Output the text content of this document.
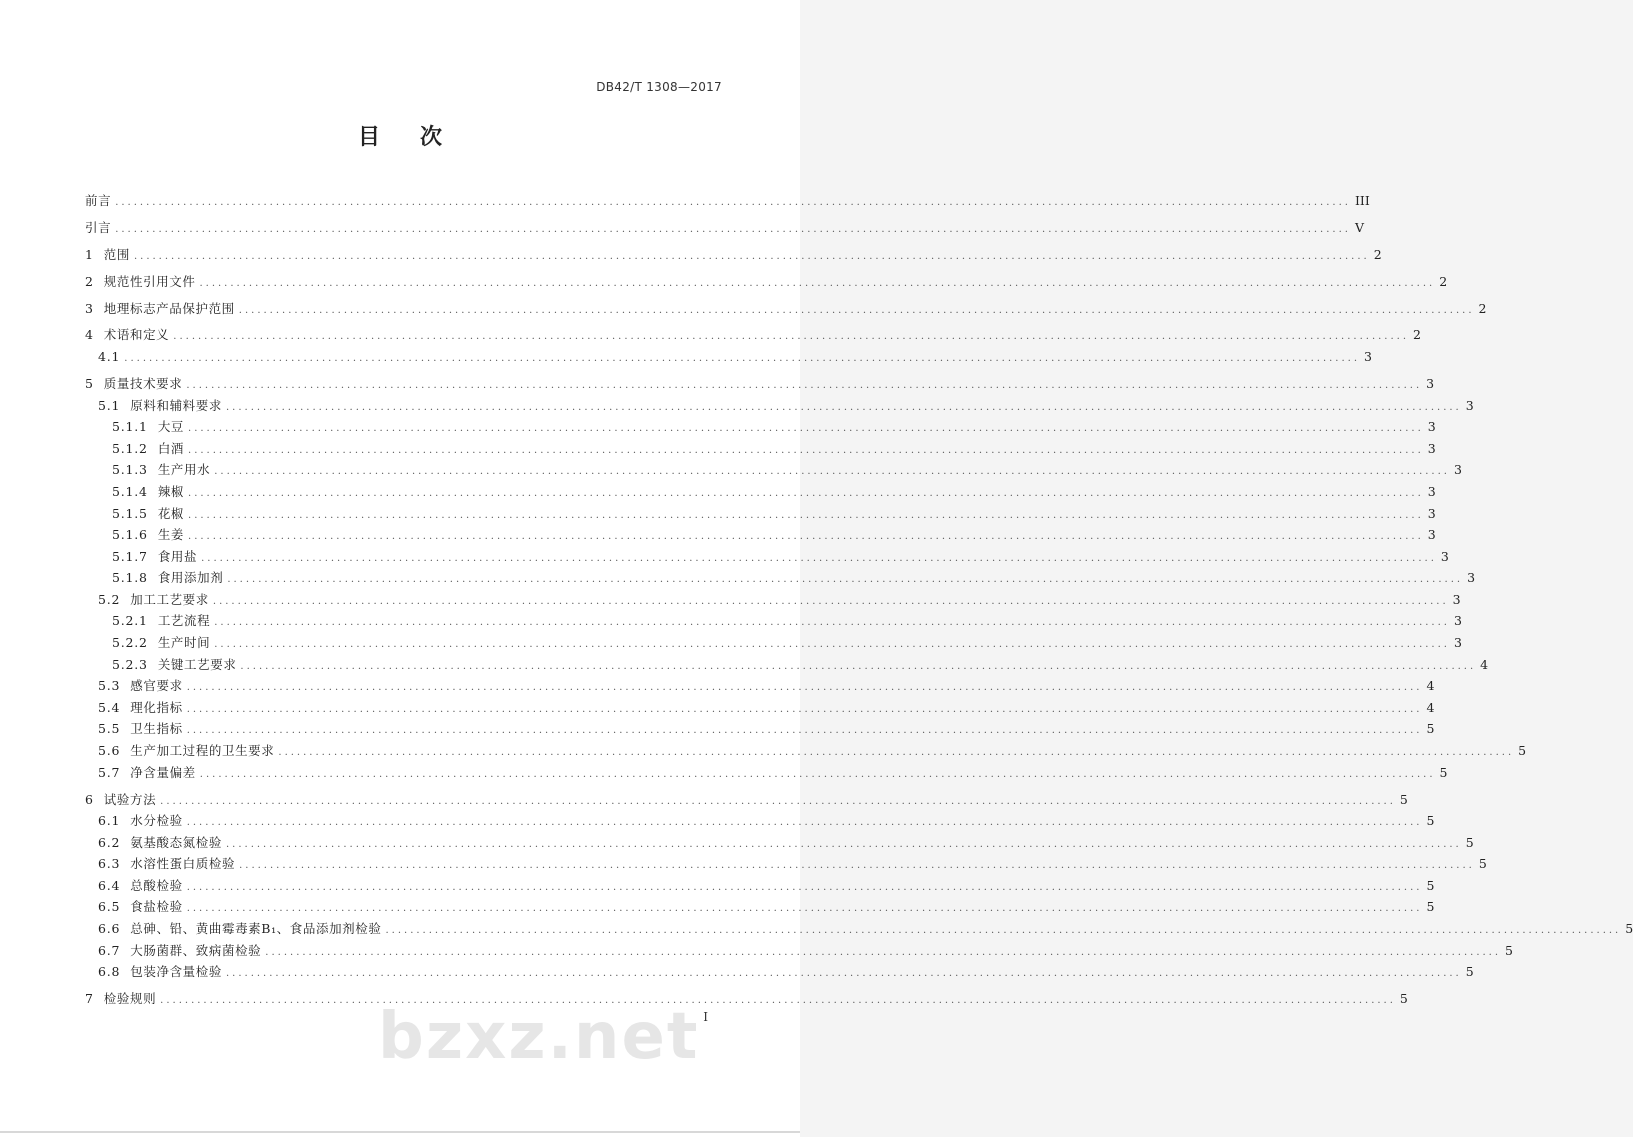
DB42/T 1308—2017
目 次
前言 ........................................................................................................................................................................................................ III
引言 ........................................................................................................................................................................................................ V
1 范围 ........................................................................................................................................................................................................ 2
2 规范性引用文件 ........................................................................................................................................................................................................ 2
3 地理标志产品保护范围 ........................................................................................................................................................................................................ 2
4 术语和定义 ........................................................................................................................................................................................................ 2
4.1 ........................................................................................................................................................................................................ 3
5 质量技术要求 ........................................................................................................................................................................................................ 3
5.1 原料和辅料要求 ........................................................................................................................................................................................................ 3
5.1.1 大豆 ........................................................................................................................................................................................................ 3
5.1.2 白酒 ........................................................................................................................................................................................................ 3
5.1.3 生产用水 ........................................................................................................................................................................................................ 3
5.1.4 辣椒 ........................................................................................................................................................................................................ 3
5.1.5 花椒 ........................................................................................................................................................................................................ 3
5.1.6 生姜 ........................................................................................................................................................................................................ 3
5.1.7 食用盐 ........................................................................................................................................................................................................ 3
5.1.8 食用添加剂 ........................................................................................................................................................................................................ 3
5.2 加工工艺要求 ........................................................................................................................................................................................................ 3
5.2.1 工艺流程 ........................................................................................................................................................................................................ 3
5.2.2 生产时间 ........................................................................................................................................................................................................ 3
5.2.3 关键工艺要求 ........................................................................................................................................................................................................ 4
5.3 感官要求 ........................................................................................................................................................................................................ 4
5.4 理化指标 ........................................................................................................................................................................................................ 4
5.5 卫生指标 ........................................................................................................................................................................................................ 5
5.6 生产加工过程的卫生要求 ........................................................................................................................................................................................................ 5
5.7 净含量偏差 ........................................................................................................................................................................................................ 5
6 试验方法 ........................................................................................................................................................................................................ 5
6.1 水分检验 ........................................................................................................................................................................................................ 5
6.2 氨基酸态氮检验 ........................................................................................................................................................................................................ 5
6.3 水溶性蛋白质检验 ........................................................................................................................................................................................................ 5
6.4 总酸检验 ........................................................................................................................................................................................................ 5
6.5 食盐检验 ........................................................................................................................................................................................................ 5
6.6 总砷、铅、黄曲霉毒素B₁、食品添加剂检验 ........................................................................................................................................................................................................ 5
6.7 大肠菌群、致病菌检验 ........................................................................................................................................................................................................ 5
6.8 包装净含量检验 ........................................................................................................................................................................................................ 5
7 检验规则 ........................................................................................................................................................................................................ 5
I
bzxz.net
